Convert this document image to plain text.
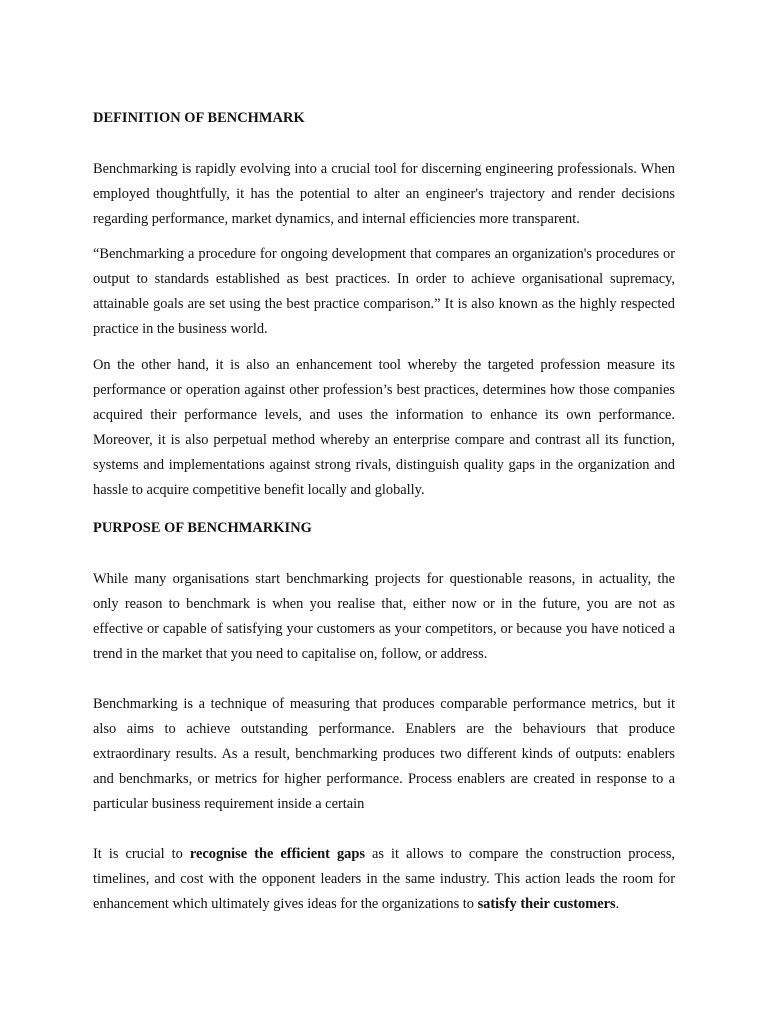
DEFINITION OF BENCHMARK

Benchmarking is rapidly evolving into a crucial tool for discerning engineering professionals. When employed thoughtfully, it has the potential to alter an engineer's trajectory and render decisions regarding performance, market dynamics, and internal efficiencies more transparent.

“Benchmarking a procedure for ongoing development that compares an organization's procedures or output to standards established as best practices. In order to achieve organisational supremacy, attainable goals are set using the best practice comparison.” It is also known as the highly respected practice in the business world.

On the other hand, it is also an enhancement tool whereby the targeted profession measure its performance or operation against other profession’s best practices, determines how those companies acquired their performance levels, and uses the information to enhance its own performance. Moreover, it is also perpetual method whereby an enterprise compare and contrast all its function, systems and implementations against strong rivals, distinguish quality gaps in the organization and hassle to acquire competitive benefit locally and globally.

PURPOSE OF BENCHMARKING

While many organisations start benchmarking projects for questionable reasons, in actuality, the only reason to benchmark is when you realise that, either now or in the future, you are not as effective or capable of satisfying your customers as your competitors, or because you have noticed a trend in the market that you need to capitalise on, follow, or address.

Benchmarking is a technique of measuring that produces comparable performance metrics, but it also aims to achieve outstanding performance. Enablers are the behaviours that produce extraordinary results. As a result, benchmarking produces two different kinds of outputs: enablers and benchmarks, or metrics for higher performance. Process enablers are created in response to a particular business requirement inside a certain

It is crucial to recognise the efficient gaps as it allows to compare the construction process, timelines, and cost with the opponent leaders in the same industry. This action leads the room for enhancement which ultimately gives ideas for the organizations to satisfy their customers.
